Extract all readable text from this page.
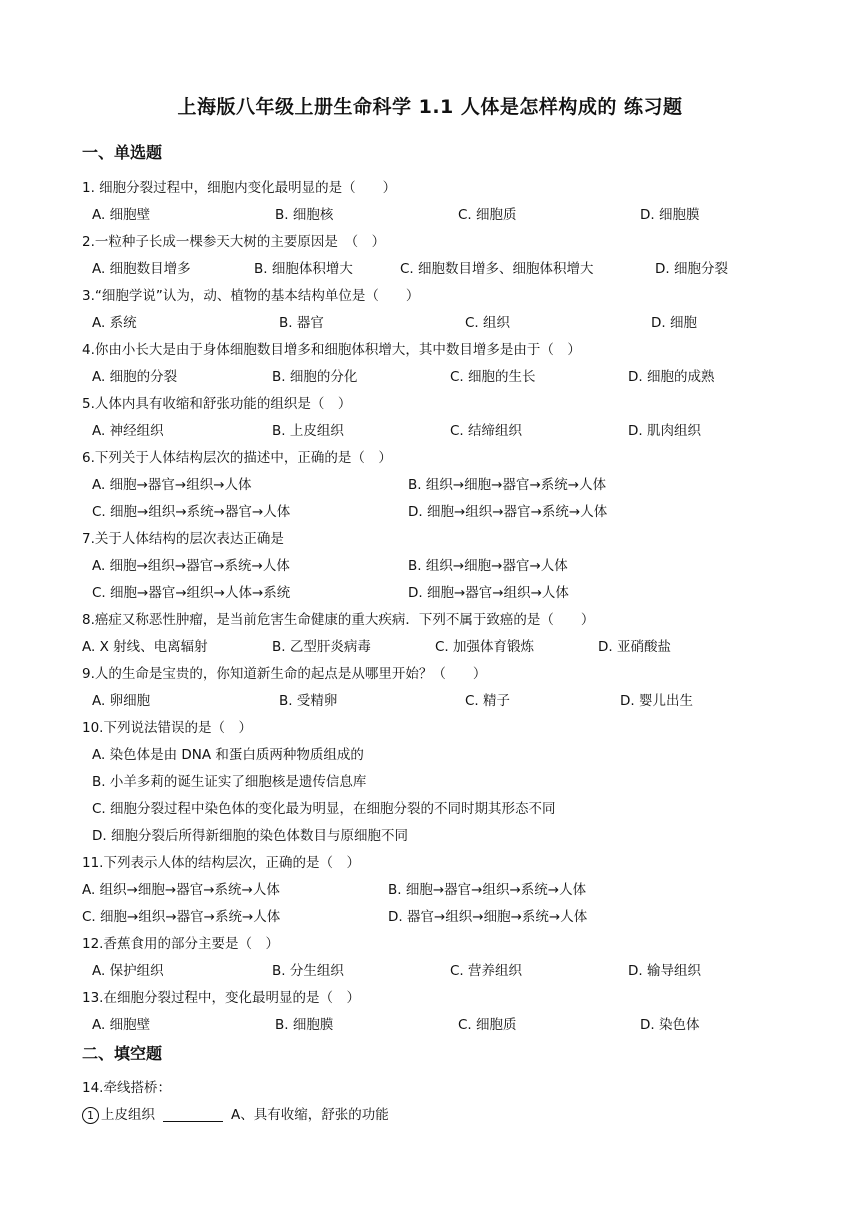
上海版八年级上册生命科学 1.1 人体是怎样构成的 练习题
一、单选题
1. 细胞分裂过程中，细胞内变化最明显的是（　　）
A. 细胞壁	B. 细胞核	C. 细胞质	D. 细胞膜
2.一粒种子长成一棵参天大树的主要原因是　（　）
A. 细胞数目增多	B. 细胞体积增大	C. 细胞数目增多、细胞体积增大	D. 细胞分裂
3.“细胞学说”认为，动、植物的基本结构单位是（　　）
A. 系统	B. 器官	C. 组织	D. 细胞
4.你由小长大是由于身体细胞数目增多和细胞体积增大，其中数目增多是由于（　）
A. 细胞的分裂	B. 细胞的分化	C. 细胞的生长	D. 细胞的成熟
5.人体内具有收缩和舒张功能的组织是（　）
A. 神经组织	B. 上皮组织	C. 结缔组织	D. 肌肉组织
6.下列关于人体结构层次的描述中，正确的是（　）
A. 细胞→器官→组织→人体	B. 组织→细胞→器官→系统→人体
C. 细胞→组织→系统→器官→人体	D. 细胞→组织→器官→系统→人体
7.关于人体结构的层次表达正确是
A. 细胞→组织→器官→系统→人体	B. 组织→细胞→器官→人体
C. 细胞→器官→组织→人体→系统	D. 细胞→器官→组织→人体
8.癌症又称恶性肿瘤，是当前危害生命健康的重大疾病．下列不属于致癌的是（　　）
A. X 射线、电离辐射	B. 乙型肝炎病毒	C. 加强体育锻炼	D. 亚硝酸盐
9.人的生命是宝贵的，你知道新生命的起点是从哪里开始？（　　）
A. 卵细胞	B. 受精卵	C. 精子	D. 婴儿出生
10.下列说法错误的是（　）
A. 染色体是由 DNA 和蛋白质两种物质组成的
B. 小羊多莉的诞生证实了细胞核是遗传信息库
C. 细胞分裂过程中染色体的变化最为明显，在细胞分裂的不同时期其形态不同
D. 细胞分裂后所得新细胞的染色体数目与原细胞不同
11.下列表示人体的结构层次，正确的是（　）
A. 组织→细胞→器官→系统→人体	B. 细胞→器官→组织→系统→人体
C. 细胞→组织→器官→系统→人体	D. 器官→组织→细胞→系统→人体
12.香蕉食用的部分主要是（　）
A. 保护组织	B. 分生组织	C. 营养组织	D. 输导组织
13.在细胞分裂过程中，变化最明显的是（　）
A. 细胞壁	B. 细胞膜	C. 细胞质	D. 染色体
二、填空题
14.牵线搭桥：
1 上皮组织	A、具有收缩，舒张的功能
